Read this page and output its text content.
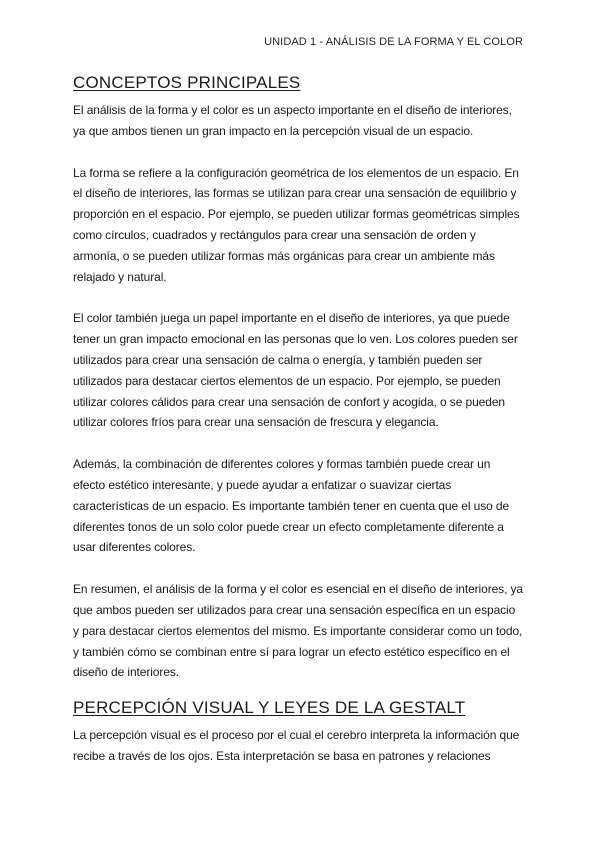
UNIDAD 1 - ANÁLISIS DE LA FORMA Y EL COLOR
CONCEPTOS PRINCIPALES

El análisis de la forma y el color es un aspecto importante en el diseño de interiores, ya que ambos tienen un gran impacto en la percepción visual de un espacio.

La forma se refiere a la configuración geométrica de los elementos de un espacio. En el diseño de interiores, las formas se utilizan para crear una sensación de equilibrio y proporción en el espacio. Por ejemplo, se pueden utilizar formas geométricas simples como círculos, cuadrados y rectángulos para crear una sensación de orden y armonía, o se pueden utilizar formas más orgánicas para crear un ambiente más relajado y natural.

El color también juega un papel importante en el diseño de interiores, ya que puede tener un gran impacto emocional en las personas que lo ven. Los colores pueden ser utilizados para crear una sensación de calma o energía, y también pueden ser utilizados para destacar ciertos elementos de un espacio. Por ejemplo, se pueden utilizar colores cálidos para crear una sensación de confort y acogida, o se pueden utilizar colores fríos para crear una sensación de frescura y elegancia.

Además, la combinación de diferentes colores y formas también puede crear un efecto estético interesante, y puede ayudar a enfatizar o suavizar ciertas características de un espacio. Es importante también tener en cuenta que el uso de diferentes tonos de un solo color puede crear un efecto completamente diferente a usar diferentes colores.

En resumen, el análisis de la forma y el color es esencial en el diseño de interiores, ya que ambos pueden ser utilizados para crear una sensación específica en un espacio y para destacar ciertos elementos del mismo. Es importante considerar como un todo, y también cómo se combinan entre sí para lograr un efecto estético específico en el diseño de interiores.

PERCEPCIÓN VISUAL Y LEYES DE LA GESTALT

La percepción visual es el proceso por el cual el cerebro interpreta la información que recibe a través de los ojos. Esta interpretación se basa en patrones y relaciones
